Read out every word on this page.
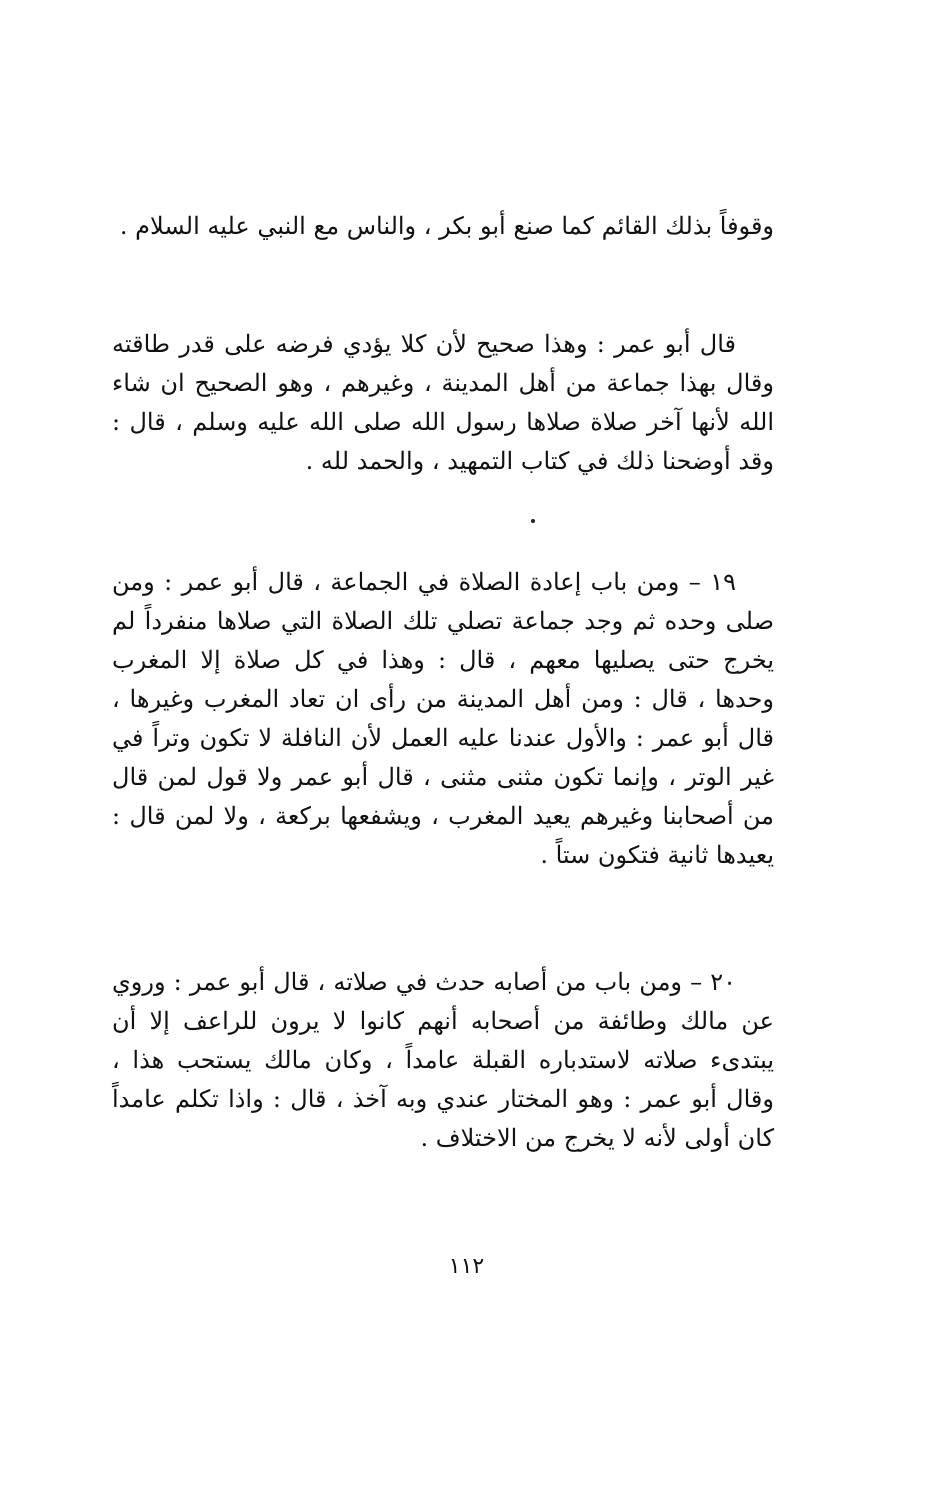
وقوفاً بذلك القائم كما صنع أبو بكر ، والناس مع النبي عليه السلام .

قال أبو عمر : وهذا صحيح لأن كلا يؤدي فرضه على قدر طاقته وقال بهذا جماعة من أهل المدينة ، وغيرهم ، وهو الصحيح ان شاء الله لأنها آخر صلاة صلاها رسول الله صلى الله عليه وسلم ، قال : وقد أوضحنا ذلك في كتاب التمهيد ، والحمد لله .

١٩ – ومن باب إعادة الصلاة في الجماعة ، قال أبو عمر : ومن صلى وحده ثم وجد جماعة تصلي تلك الصلاة التي صلاها منفرداً لم يخرج حتى يصليها معهم ، قال : وهذا في كل صلاة إلا المغرب وحدها ، قال : ومن أهل المدينة من رأى ان تعاد المغرب وغيرها ، قال أبو عمر : والأول عندنا عليه العمل لأن النافلة لا تكون وتراً في غير الوتر ، وإنما تكون مثنى مثنى ، قال أبو عمر ولا قول لمن قال من أصحابنا وغيرهم يعيد المغرب ، ويشفعها بركعة ، ولا لمن قال : يعيدها ثانية فتكون ستاً .

٢٠ – ومن باب من أصابه حدث في صلاته ، قال أبو عمر : وروي عن مالك وطائفة من أصحابه أنهم كانوا لا يرون للراعف إلا أن يبتدىء صلاته لاستدباره القبلة عامداً ، وكان مالك يستحب هذا ، وقال أبو عمر : وهو المختار عندي وبه آخذ ، قال : واذا تكلم عامداً كان أولى لأنه لا يخرج من الاختلاف .

١١٢
